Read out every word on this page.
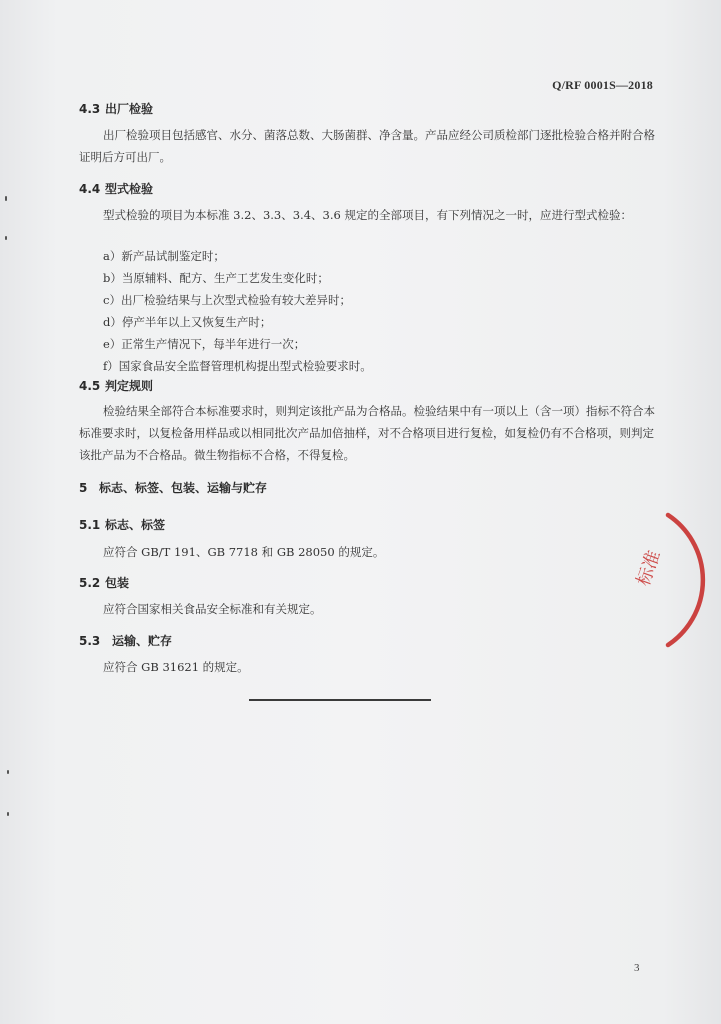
Q/RF 0001S—2018
4.3 出厂检验
出厂检验项目包括感官、水分、菌落总数、大肠菌群、净含量。产品应经公司质检部门逐批检验合格并附合格证明后方可出厂。
4.4 型式检验
型式检验的项目为本标准 3.2、3.3、3.4、3.6 规定的全部项目，有下列情况之一时，应进行型式检验：
a）新产品试制鉴定时；
b）当原辅料、配方、生产工艺发生变化时；
c）出厂检验结果与上次型式检验有较大差异时；
d）停产半年以上又恢复生产时；
e）正常生产情况下，每半年进行一次；
f）国家食品安全监督管理机构提出型式检验要求时。
4.5 判定规则
检验结果全部符合本标准要求时，则判定该批产品为合格品。检验结果中有一项以上（含一项）指标不符合本标准要求时，以复检备用样品或以相同批次产品加倍抽样，对不合格项目进行复检，如复检仍有不合格项，则判定该批产品为不合格品。微生物指标不合格，不得复检。
5 标志、标签、包装、运输与贮存
5.1 标志、标签
应符合 GB/T 191、GB 7718 和 GB 28050 的规定。
5.2 包装
应符合国家相关食品安全标准和有关规定。
5.3 运输、贮存
应符合 GB 31621 的规定。
3
标准
